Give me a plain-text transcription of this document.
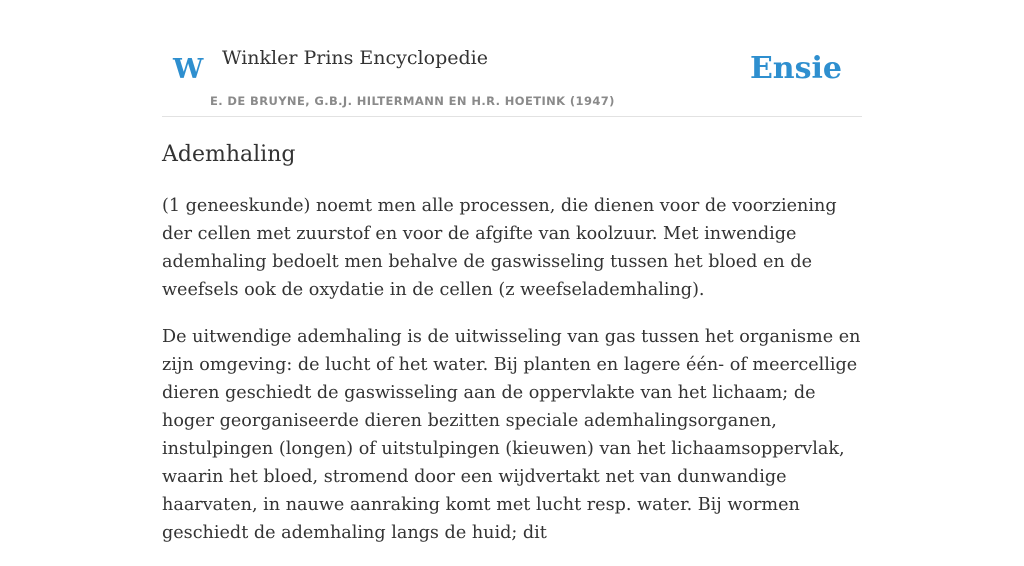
W Winkler Prins Encyclopedie
E. DE BRUYNE, G.B.J. HILTERMANN EN H.R. HOETINK (1947)
Ensie
Ademhaling

(1 geneeskunde) noemt men alle processen, die dienen voor de voorziening der cellen met zuurstof en voor de afgifte van koolzuur. Met inwendige ademhaling bedoelt men behalve de gaswisseling tussen het bloed en de weefsels ook de oxydatie in de cellen (z weefselademhaling).

De uitwendige ademhaling is de uitwisseling van gas tussen het organisme en zijn omgeving: de lucht of het water. Bij planten en lagere één- of meercellige dieren geschiedt de gaswisseling aan de oppervlakte van het lichaam; de hoger georganiseerde dieren bezitten speciale ademhalingsorganen, instulpingen (longen) of uitstulpingen (kieuwen) van het lichaamsoppervlak, waarin het bloed, stromend door een wijdvertakt net van dunwandige haarvaten, in nauwe aanraking komt met lucht resp. water. Bij wormen geschiedt de ademhaling langs de huid; dit
